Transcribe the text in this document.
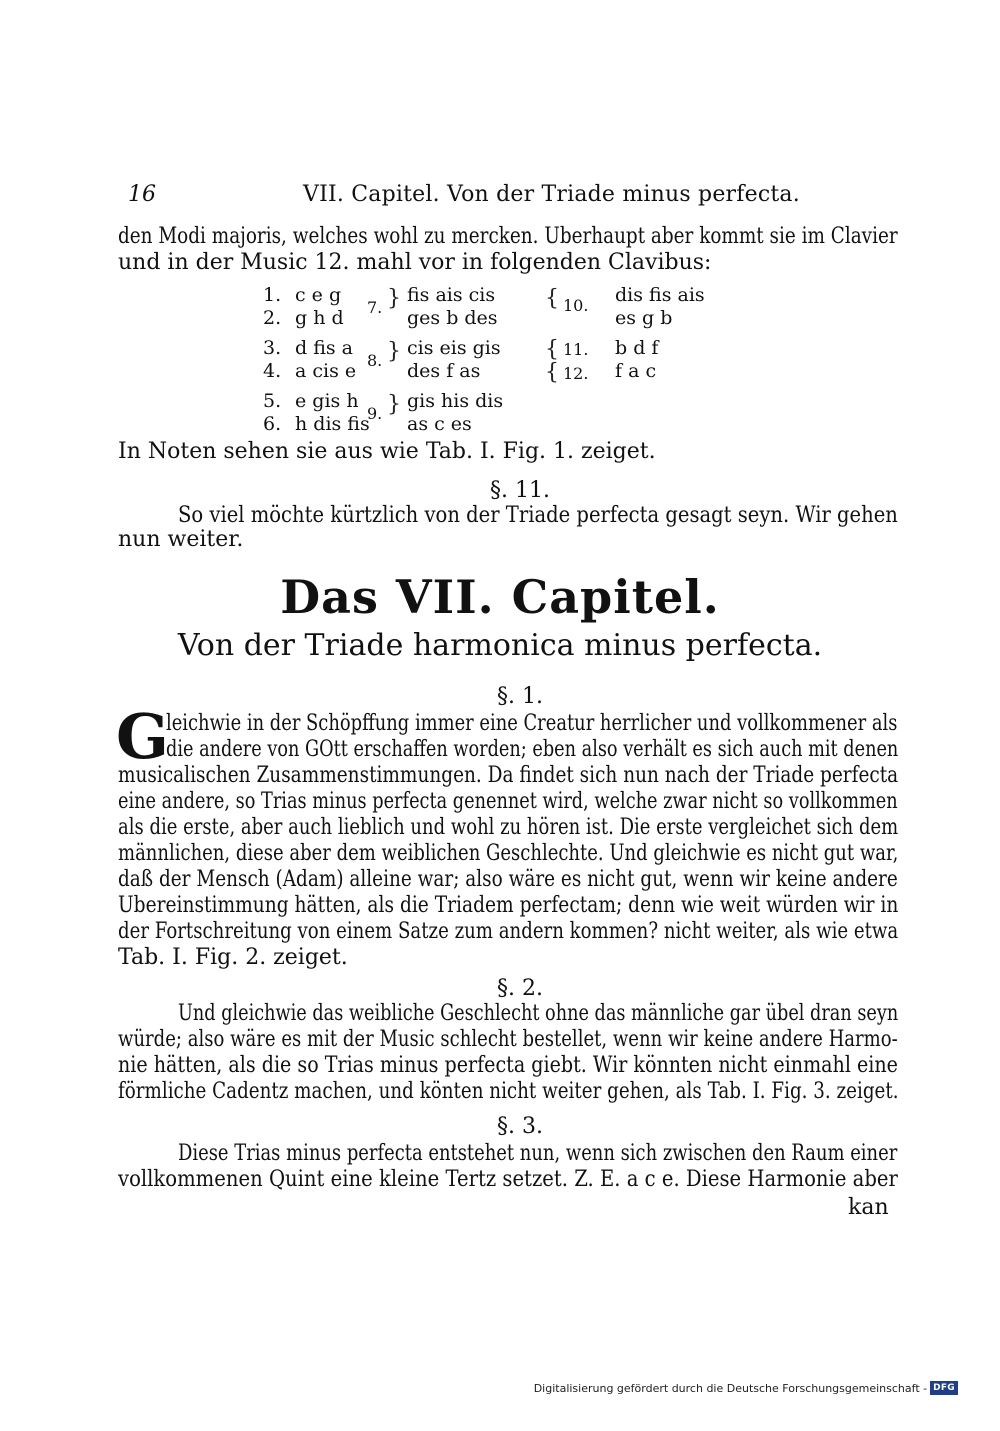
16	VII. Capitel. Von der Triade minus perfecta.
den Modi majoris, welches wohl zu mercken. Uberhaupt aber kommt sie im Clavier
und in der Music 12. mahl vor in folgenden Clavibus:
1. c e g
2. g h d
3. d fis a
4. a cis e
5. e gis h
6. h dis fis
7. } fis ais cis
ges b des
8. } cis eis gis
des f as
9. } gis his dis
as c es
{ 10. dis fis ais
es g b
{ 11. b d f
{ 12. f a c
In Noten sehen sie aus wie Tab. I. Fig. 1. zeiget.
§. 11.
So viel möchte kürtzlich von der Triade perfecta gesagt seyn. Wir gehen
nun weiter.
Das VII. Capitel.
Von der Triade harmonica minus perfecta.
§. 1.
G
leichwie in der Schöpffung immer eine Creatur herrlicher und vollkommener als
die andere von GOtt erschaffen worden; eben also verhält es sich auch mit denen
musicalischen Zusammenstimmungen. Da findet sich nun nach der Triade perfecta
eine andere, so Trias minus perfecta genennet wird, welche zwar nicht so vollkommen
als die erste, aber auch lieblich und wohl zu hören ist. Die erste vergleichet sich dem
männlichen, diese aber dem weiblichen Geschlechte. Und gleichwie es nicht gut war,
daß der Mensch (Adam) alleine war; also wäre es nicht gut, wenn wir keine andere
Ubereinstimmung hätten, als die Triadem perfectam; denn wie weit würden wir in
der Fortschreitung von einem Satze zum andern kommen? nicht weiter, als wie etwa
Tab. I. Fig. 2. zeiget.
§. 2.
Und gleichwie das weibliche Geschlecht ohne das männliche gar übel dran seyn
würde; also wäre es mit der Music schlecht bestellet, wenn wir keine andere Harmo-
nie hätten, als die so Trias minus perfecta giebt. Wir könnten nicht einmahl eine
förmliche Cadentz machen, und könten nicht weiter gehen, als Tab. I. Fig. 3. zeiget.
§. 3.
Diese Trias minus perfecta entstehet nun, wenn sich zwischen den Raum einer
vollkommenen Quint eine kleine Tertz setzet. Z. E. a c e. Diese Harmonie aber
kan
Digitalisierung gefördert durch die Deutsche Forschungsgemeinschaft - DFG
